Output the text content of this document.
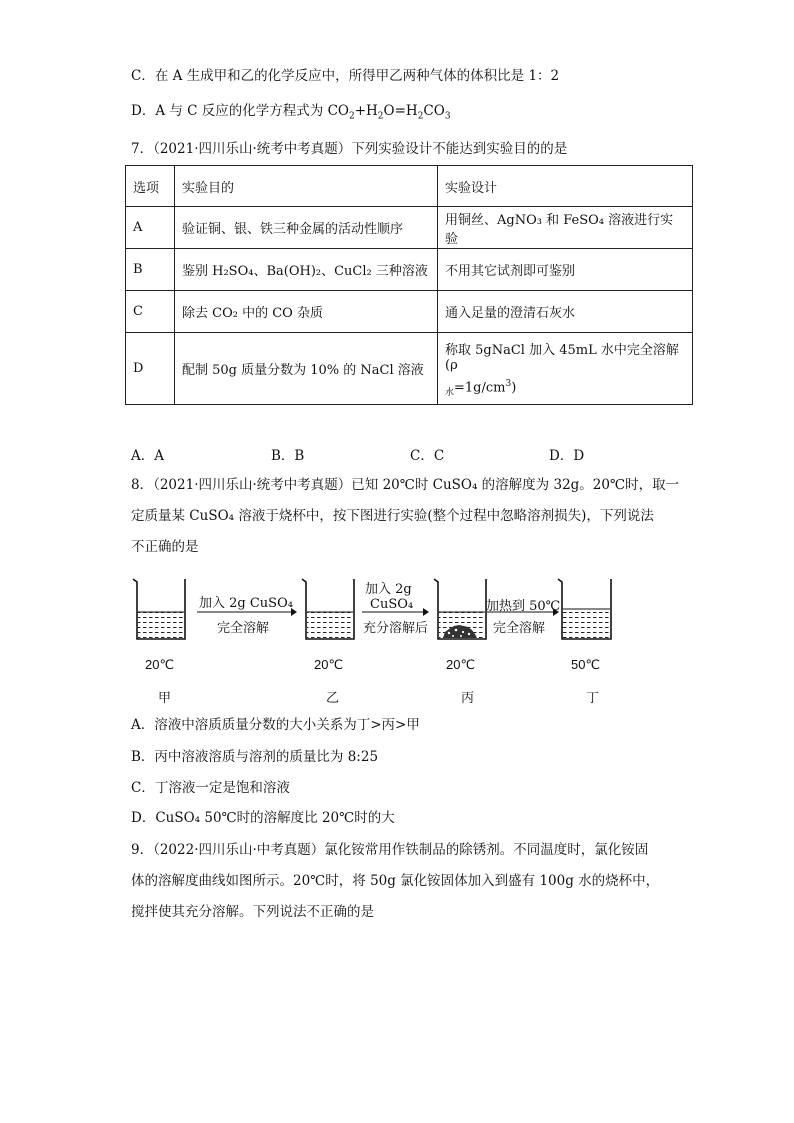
C．在 A 生成甲和乙的化学反应中，所得甲乙两种气体的体积比是 1：2
D．A 与 C 反应的化学方程式为 $CO_2+H_2O=H_2CO_3$
7．（2021·四川乐山·统考中考真题）下列实验设计不能达到实验目的的是
选项	实验目的	实验设计
A	验证铜、银、铁三种金属的活动性顺序	用铜丝、AgNO₃ 和 FeSO₄ 溶液进行实验
B	鉴别 H₂SO₄、Ba(OH)₂、CuCl₂ 三种溶液	不用其它试剂即可鉴别
C	除去 CO₂ 中的 CO 杂质	通入足量的澄清石灰水
D	配制 50g 质量分数为 10% 的 NaCl 溶液	称取 5gNaCl 加入 45mL 水中完全溶解(ρ
$_水=1g/cm^3$)
A．A	B．B	C．C	D．D
8．（2021·四川乐山·统考中考真题）已知 20℃时 CuSO₄ 的溶解度为 32g。20℃时，取一
定质量某 CuSO₄ 溶液于烧杯中，按下图进行实验(整个过程中忽略溶剂损失)，下列说法
不正确的是
加入 2g CuSO₄
完全溶解
加入 2g
CuSO₄
充分溶解后
加热到 50℃
完全溶解
20℃	20℃	20℃	50℃
甲	乙	丙	丁
A．溶液中溶质质量分数的大小关系为丁>丙>甲
B．丙中溶液溶质与溶剂的质量比为 8:25
C．丁溶液一定是饱和溶液
D．CuSO₄ 50℃时的溶解度比 20℃时的大
9．（2022·四川乐山·中考真题）氯化铵常用作铁制品的除锈剂。不同温度时，氯化铵固
体的溶解度曲线如图所示。20℃时，将 50g 氯化铵固体加入到盛有 100g 水的烧杯中，
搅拌使其充分溶解。下列说法不正确的是
